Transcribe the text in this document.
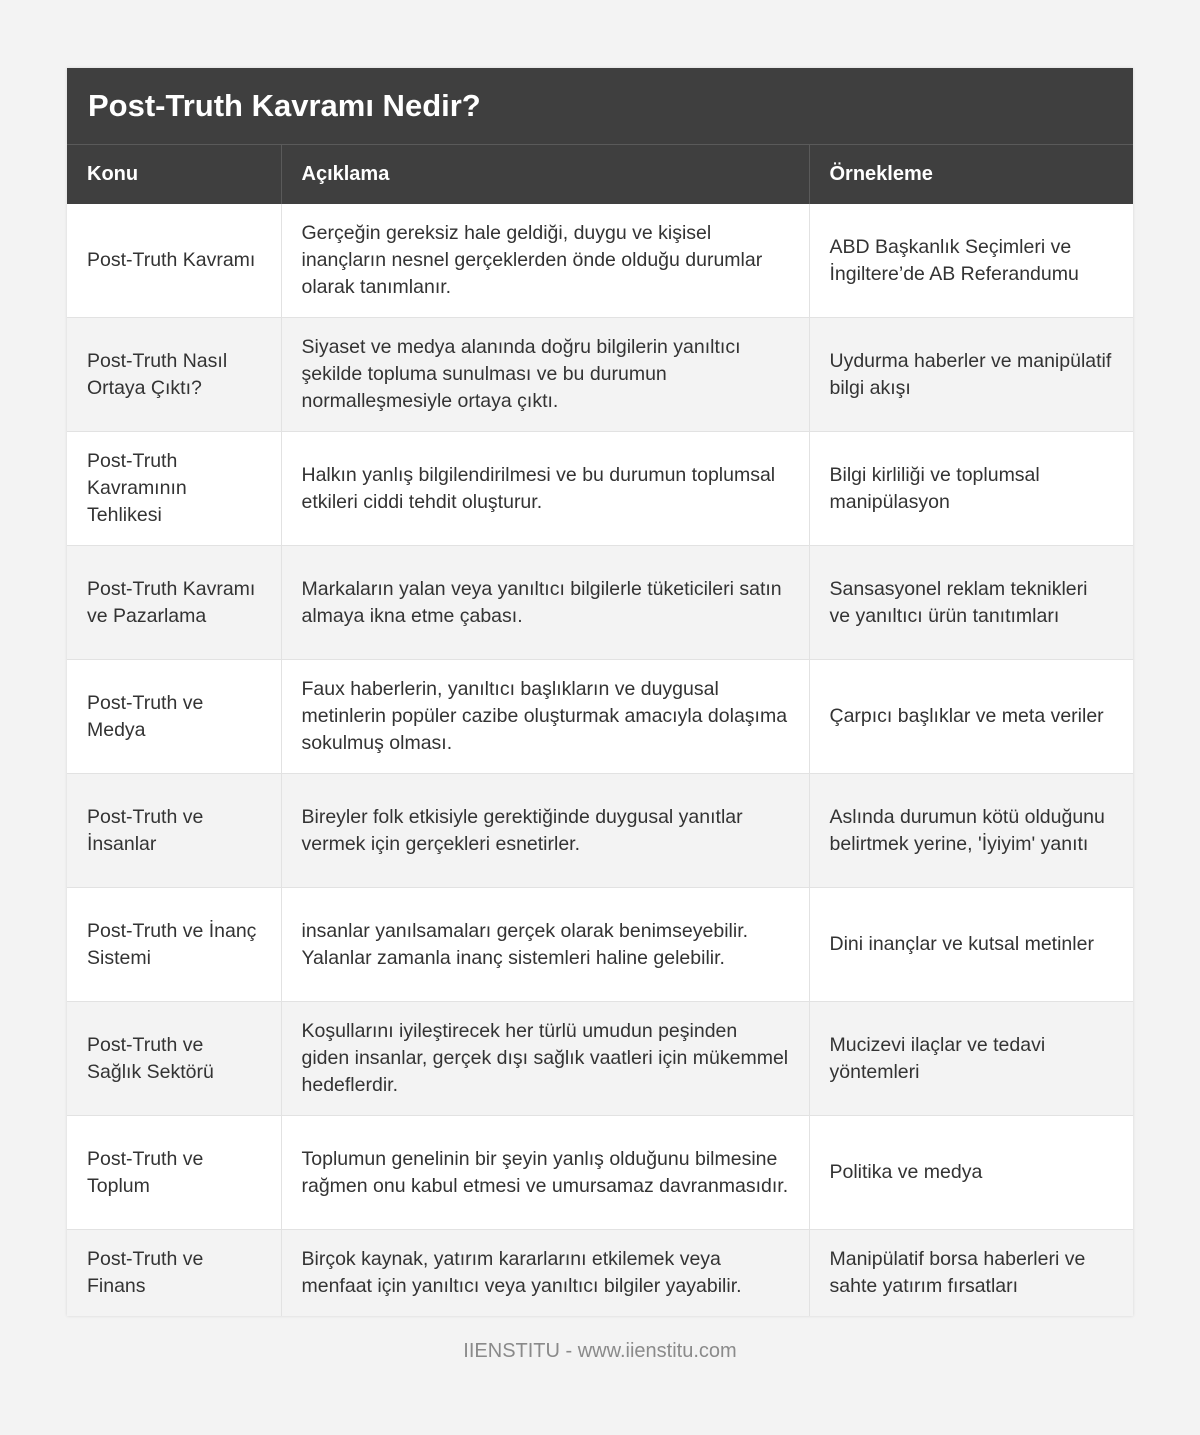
Post-Truth Kavramı Nedir?
Konu	Açıklama	Örnekleme
Post-Truth Kavramı	Gerçeğin gereksiz hale geldiği, duygu ve kişisel inançların nesnel gerçeklerden önde olduğu durumlar olarak tanımlanır.	ABD Başkanlık Seçimleri ve İngiltere’de AB Referandumu
Post-Truth Nasıl Ortaya Çıktı?	Siyaset ve medya alanında doğru bilgilerin yanıltıcı şekilde topluma sunulması ve bu durumun normalleşmesiyle ortaya çıktı.	Uydurma haberler ve manipülatif bilgi akışı
Post-Truth Kavramının Tehlikesi	Halkın yanlış bilgilendirilmesi ve bu durumun toplumsal etkileri ciddi tehdit oluşturur.	Bilgi kirliliği ve toplumsal manipülasyon
Post-Truth Kavramı ve Pazarlama	Markaların yalan veya yanıltıcı bilgilerle tüketicileri satın almaya ikna etme çabası.	Sansasyonel reklam teknikleri ve yanıltıcı ürün tanıtımları
Post-Truth ve Medya	Faux haberlerin, yanıltıcı başlıkların ve duygusal metinlerin popüler cazibe oluşturmak amacıyla dolaşıma sokulmuş olması.	Çarpıcı başlıklar ve meta veriler
Post-Truth ve İnsanlar	Bireyler folk etkisiyle gerektiğinde duygusal yanıtlar vermek için gerçekleri esnetirler.	Aslında durumun kötü olduğunu belirtmek yerine, 'İyiyim' yanıtı
Post-Truth ve İnanç Sistemi	insanlar yanılsamaları gerçek olarak benimseyebilir. Yalanlar zamanla inanç sistemleri haline gelebilir.	Dini inançlar ve kutsal metinler
Post-Truth ve Sağlık Sektörü	Koşullarını iyileştirecek her türlü umudun peşinden giden insanlar, gerçek dışı sağlık vaatleri için mükemmel hedeflerdir.	Mucizevi ilaçlar ve tedavi yöntemleri
Post-Truth ve Toplum	Toplumun genelinin bir şeyin yanlış olduğunu bilmesine rağmen onu kabul etmesi ve umursamaz davranmasıdır.	Politika ve medya
Post-Truth ve Finans	Birçok kaynak, yatırım kararlarını etkilemek veya menfaat için yanıltıcı veya yanıltıcı bilgiler yayabilir.	Manipülatif borsa haberleri ve sahte yatırım fırsatları
IIENSTITU - www.iienstitu.com
